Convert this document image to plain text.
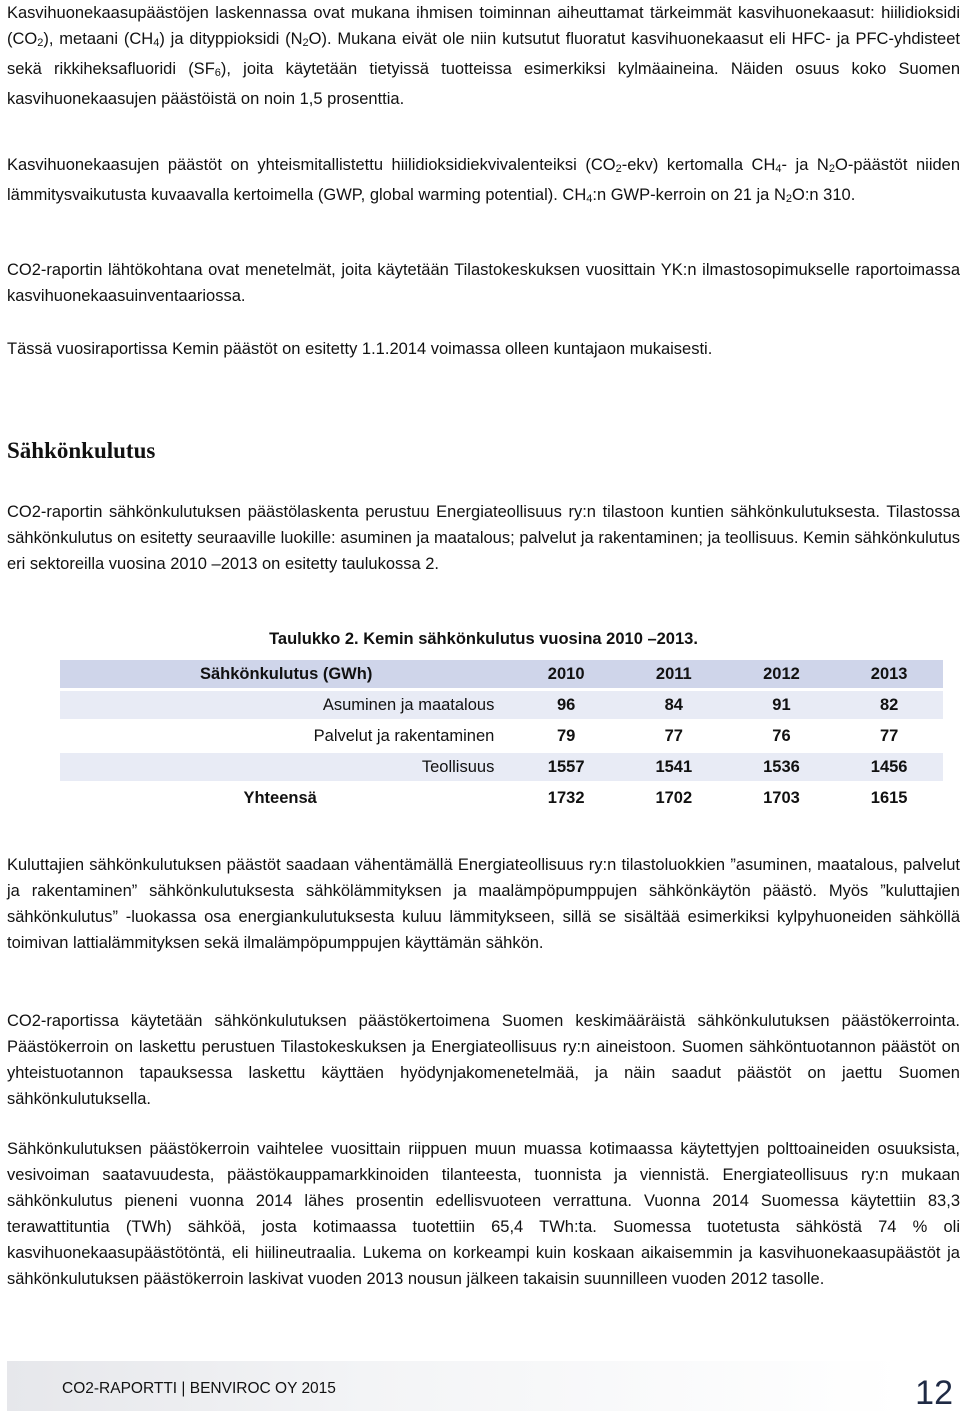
Kasvihuonekaasupäästöjen laskennassa ovat mukana ihmisen toiminnan aiheuttamat tärkeimmät kasvihuonekaasut: hiilidioksidi $(CO_2)$, metaani $(CH_4)$ ja dityppioksidi $(N_2O)$. Mukana eivät ole niin kutsutut fluoratut kasvihuonekaasut eli HFC- ja PFC-yhdisteet sekä rikkiheksafluoridi $(SF_6)$, joita käytetään tietyissä tuotteissa esimerkiksi kylmäaineina. Näiden osuus koko Suomen kasvihuonekaasujen päästöistä on noin 1,5 prosenttia.

Kasvihuonekaasujen päästöt on yhteismitallistettu hiilidioksidiekvivalenteiksi $(CO_2-ekv)$ kertomalla $CH_4-$ ja $N_2O$-päästöt niiden lämmitysvaikutusta kuvaavalla kertoimella (GWP, global warming potential). $CH_4:n$ GWP-kerroin on 21 ja $N_2O:n$ 310.

CO2-raportin lähtökohtana ovat menetelmät, joita käytetään Tilastokeskuksen vuosittain YK:n ilmastosopimukselle raportoimassa kasvihuonekaasuinventaariossa.

Tässä vuosiraportissa Kemin päästöt on esitetty 1.1.2014 voimassa olleen kuntajaon mukaisesti.

Sähkönkulutus

CO2-raportin sähkönkulutuksen päästölaskenta perustuu Energiateollisuus ry:n tilastoon kuntien sähkönkulutuksesta. Tilastossa sähkönkulutus on esitetty seuraaville luokille: asuminen ja maatalous; palvelut ja rakentaminen; ja teollisuus. Kemin sähkönkulutus eri sektoreilla vuosina 2010 –2013 on esitetty taulukossa 2.

Taulukko 2. Kemin sähkönkulutus vuosina 2010 –2013.
Sähkönkulutus (GWh)	2010	2011	2012	2013
Asuminen ja maatalous	96	84	91	82
Palvelut ja rakentaminen	79	77	76	77
Teollisuus	1557	1541	1536	1456
Yhteensä	1732	1702	1703	1615

Kuluttajien sähkönkulutuksen päästöt saadaan vähentämällä Energiateollisuus ry:n tilastoluokkien ”asuminen, maatalous, palvelut ja rakentaminen” sähkönkulutuksesta sähkölämmityksen ja maalämpöpumppujen sähkönkäytön päästö. Myös ”kuluttajien sähkönkulutus” -luokassa osa energiankulutuksesta kuluu lämmitykseen, sillä se sisältää esimerkiksi kylpyhuoneiden sähköllä toimivan lattialämmityksen sekä ilmalämpöpumppujen käyttämän sähkön.

CO2-raportissa käytetään sähkönkulutuksen päästökertoimena Suomen keskimääräistä sähkönkulutuksen päästökerrointa. Päästökerroin on laskettu perustuen Tilastokeskuksen ja Energiateollisuus ry:n aineistoon. Suomen sähköntuotannon päästöt on yhteistuotannon tapauksessa laskettu käyttäen hyödynjakomenetelmää, ja näin saadut päästöt on jaettu Suomen sähkönkulutuksella.

Sähkönkulutuksen päästökerroin vaihtelee vuosittain riippuen muun muassa kotimaassa käytettyjen polttoaineiden osuuksista, vesivoiman saatavuudesta, päästökauppamarkkinoiden tilanteesta, tuonnista ja viennistä. Energiateollisuus ry:n mukaan sähkönkulutus pieneni vuonna 2014 lähes prosentin edellisvuoteen verrattuna. Vuonna 2014 Suomessa käytettiin 83,3 terawattituntia (TWh) sähköä, josta kotimaassa tuotettiin 65,4 TWh:ta. Suomessa tuotetusta sähköstä 74 % oli kasvihuonekaasupäästötöntä, eli hiilineutraalia. Lukema on korkeampi kuin koskaan aikaisemmin ja kasvihuonekaasupäästöt ja sähkönkulutuksen päästökerroin laskivat vuoden 2013 nousun jälkeen takaisin suunnilleen vuoden 2012 tasolle.

CO2-RAPORTTI | BENVIROC OY 2015	12
